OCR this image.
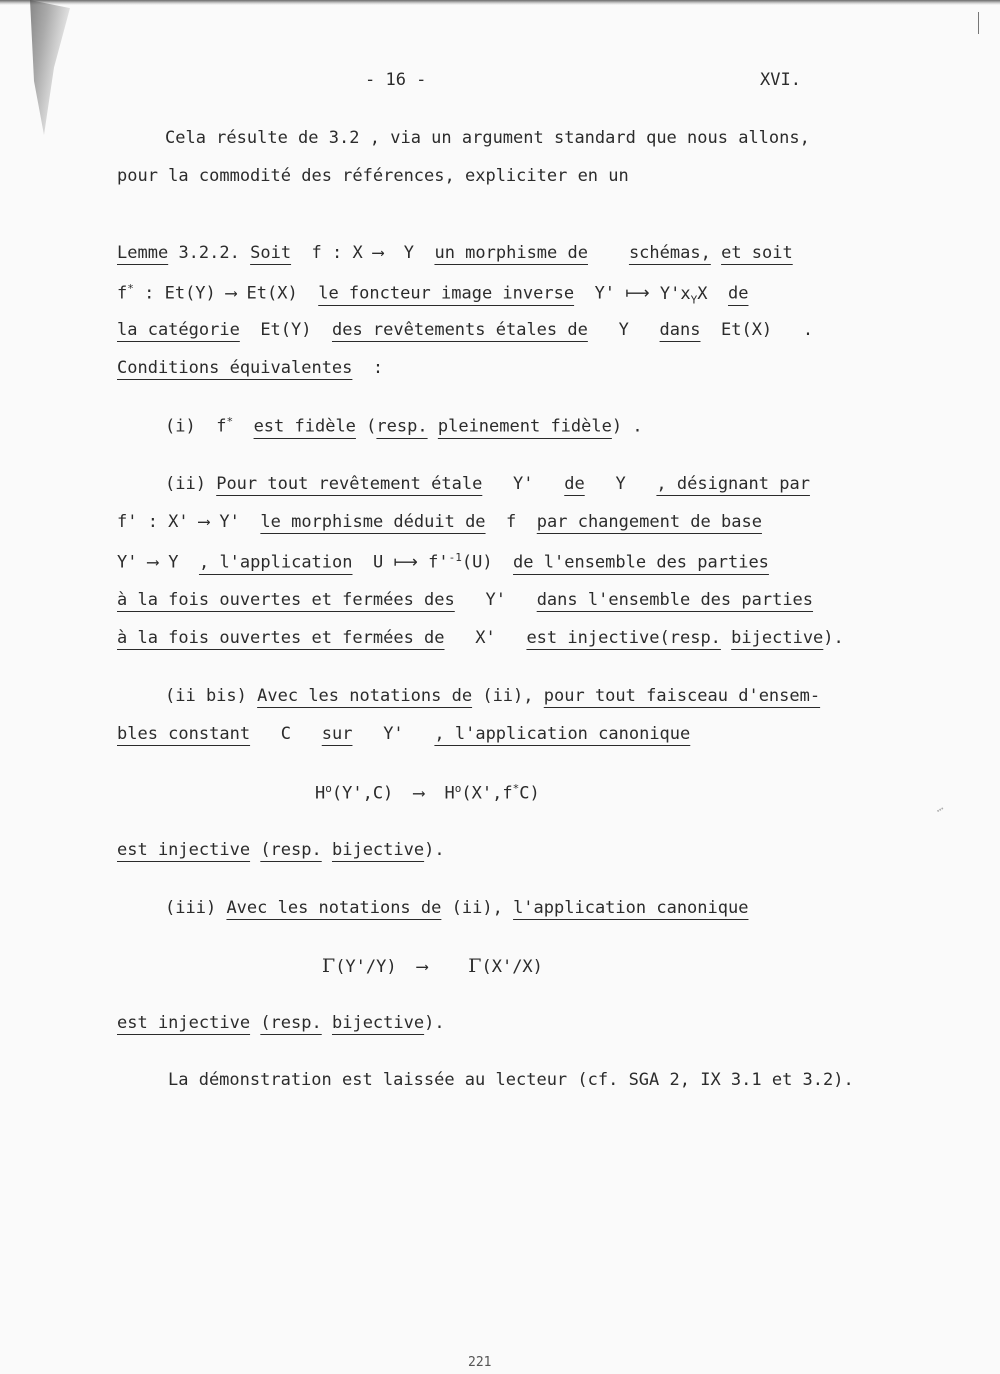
- 16 -	XVI.
Cela résulte de 3.2 , via un argument standard que nous allons,
pour la commodité des références, expliciter en un
Lemme 3.2.2. Soit f : X ⟶ Y un morphisme de schémas, et soit
f* : Et(Y) ⟶ Et(X) le foncteur image inverse Y' ⟼ $Y'x_YX$ de
la catégorie Et(Y) des revêtements étales de Y dans Et(X) .
Conditions équivalentes :
(i) f* est fidèle (resp. pleinement fidèle) .
(ii) Pour tout revêtement étale Y' de Y , désignant par
f' : X' ⟶ Y' le morphisme déduit de f par changement de base
Y' ⟶ Y , l'application U ⟼ $f'^{-1}(U)$ de l'ensemble des parties
à la fois ouvertes et fermées des Y' dans l'ensemble des parties
à la fois ouvertes et fermées de X' est injective(resp. bijective).
(ii bis) Avec les notations de (ii), pour tout faisceau d'ensem-
bles constant C sur Y' , l'application canonique
$H^o(Y',C)$ ⟶ $H^o(X',f^*C)$
est injective (resp. bijective).
(iii) Avec les notations de (ii), l'application canonique
Γ(Y'/Y) ⟶ Γ(X'/X)
est injective (resp. bijective).
La démonstration est laissée au lecteur (cf. SGA 2, IX 3.1 et 3.2).
221
…
